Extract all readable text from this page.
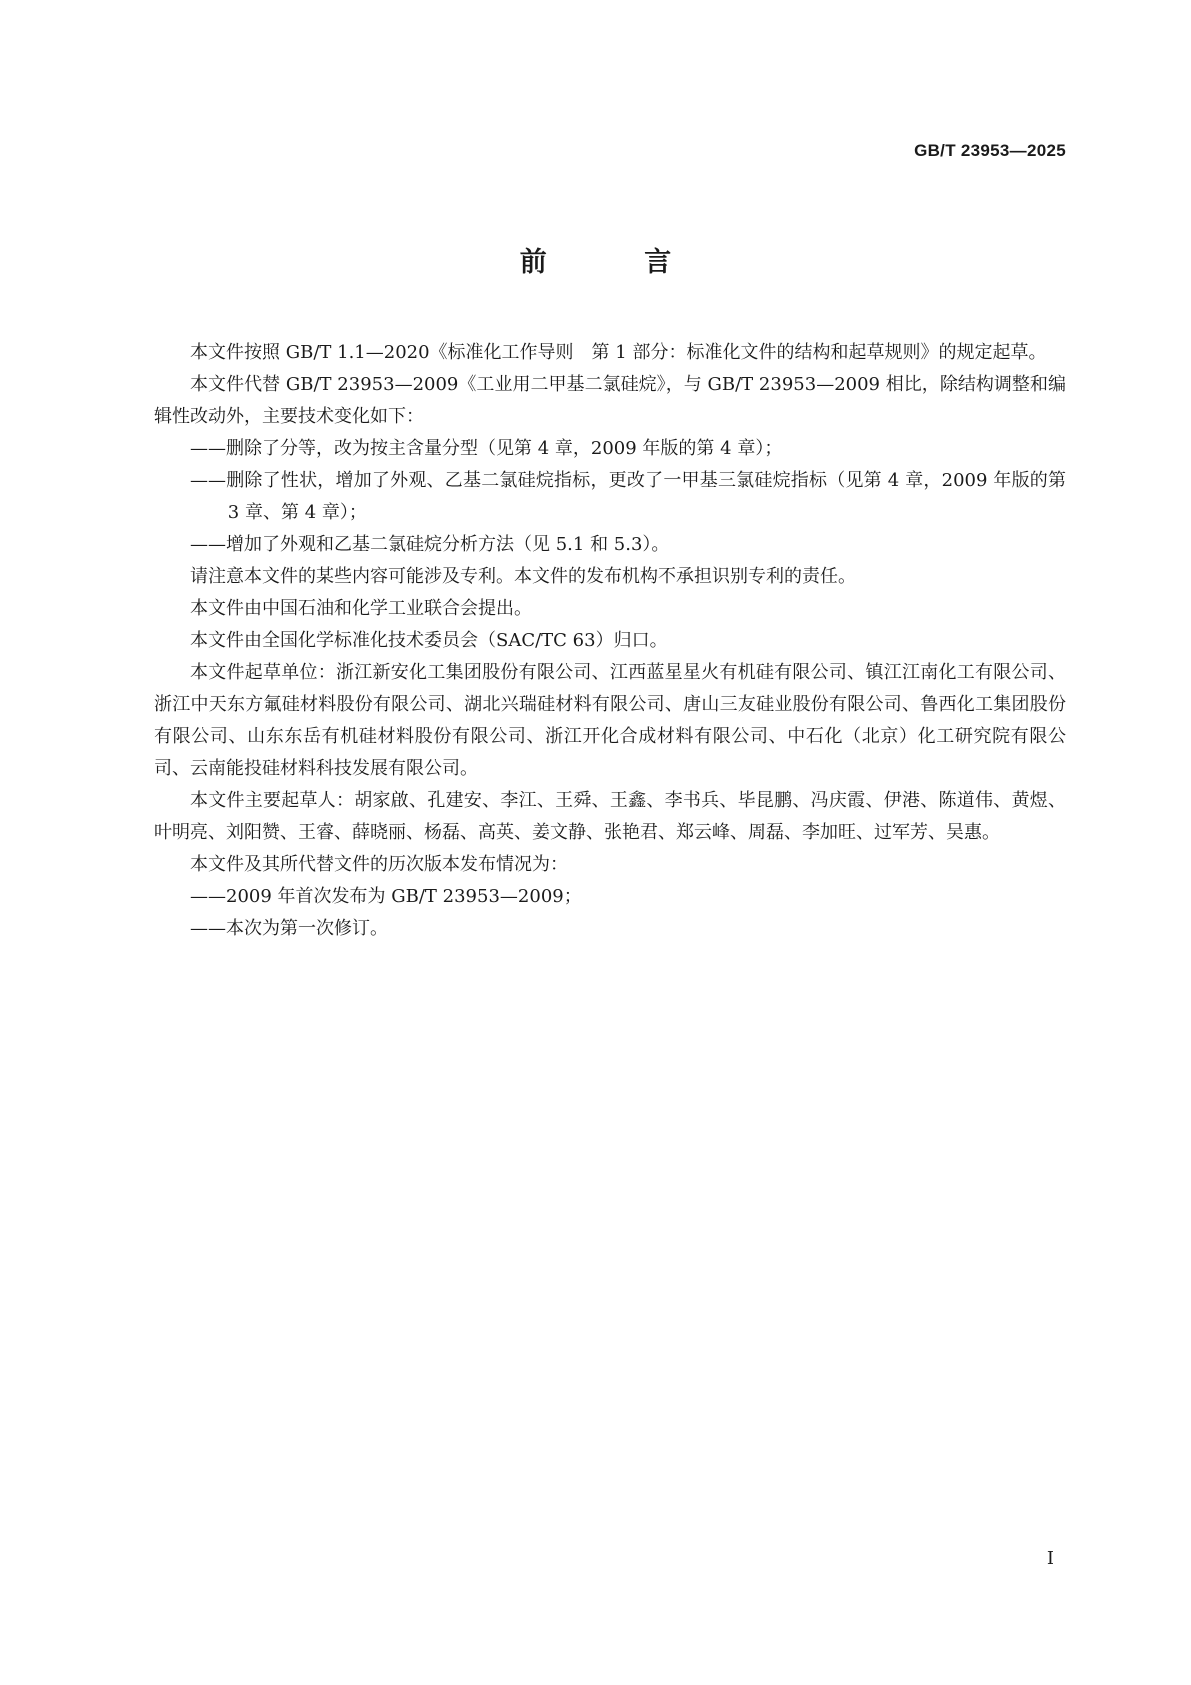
GB/T 23953—2025
前 言

本文件按照 GB/T 1.1—2020《标准化工作导则　第 1 部分：标准化文件的结构和起草规则》的规定起草。

本文件代替 GB/T 23953—2009《工业用二甲基二氯硅烷》，与 GB/T 23953—2009 相比，除结构调整和编辑性改动外，主要技术变化如下：

——删除了分等，改为按主含量分型（见第 4 章，2009 年版的第 4 章）；

——删除了性状，增加了外观、乙基二氯硅烷指标，更改了一甲基三氯硅烷指标（见第 4 章，2009 年版的第 3 章、第 4 章）；

——增加了外观和乙基二氯硅烷分析方法（见 5.1 和 5.3）。

请注意本文件的某些内容可能涉及专利。本文件的发布机构不承担识别专利的责任。

本文件由中国石油和化学工业联合会提出。

本文件由全国化学标准化技术委员会（SAC/TC 63）归口。

本文件起草单位：浙江新安化工集团股份有限公司、江西蓝星星火有机硅有限公司、镇江江南化工有限公司、浙江中天东方氟硅材料股份有限公司、湖北兴瑞硅材料有限公司、唐山三友硅业股份有限公司、鲁西化工集团股份有限公司、山东东岳有机硅材料股份有限公司、浙江开化合成材料有限公司、中石化（北京）化工研究院有限公司、云南能投硅材料科技发展有限公司。

本文件主要起草人：胡家啟、孔建安、李江、王舜、王鑫、李书兵、毕昆鹏、冯庆霞、伊港、陈道伟、黄煜、叶明亮、刘阳赞、王睿、薛晓丽、杨磊、高英、姜文静、张艳君、郑云峰、周磊、李加旺、过军芳、吴惠。

本文件及其所代替文件的历次版本发布情况为：

——2009 年首次发布为 GB/T 23953—2009；

——本次为第一次修订。

I
